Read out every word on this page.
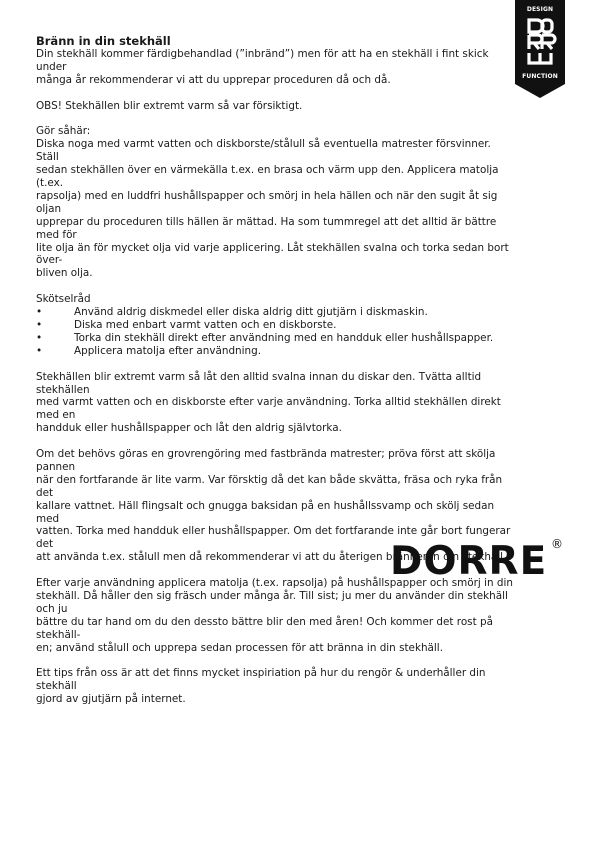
DESIGN
FUNCTION

Bränn in din stekhäll

Din stekhäll kommer färdigbehandlad (”inbränd”) men för att ha en stekhäll i fint skick under

många år rekommenderar vi att du upprepar proceduren då och då.

OBS! Stekhällen blir extremt varm så var försiktigt.

Gör såhär:

Diska noga med varmt vatten och diskborste/stålull så eventuella matrester försvinner. Ställ

sedan stekhällen över en värmekälla t.ex. en brasa och värm upp den. Applicera matolja (t.ex.

rapsolja) med en luddfri hushållspapper och smörj in hela hällen och när den sugit åt sig oljan

upprepar du proceduren tills hällen är mättad. Ha som tummregel att det alltid är bättre med för

lite olja än för mycket olja vid varje applicering. Låt stekhällen svalna och torka sedan bort över-

bliven olja.

Skötselråd

•	Använd aldrig diskmedel eller diska aldrig ditt gjutjärn i diskmaskin.
•	Diska med enbart varmt vatten och en diskborste.
•	Torka din stekhäll direkt efter användning med en handduk eller hushållspapper.
•	Applicera matolja efter användning.

Stekhällen blir extremt varm så låt den alltid svalna innan du diskar den. Tvätta alltid stekhällen

med varmt vatten och en diskborste efter varje användning. Torka alltid stekhällen direkt med en

handduk eller hushållspapper och låt den aldrig självtorka.

Om det behövs göras en grovrengöring med fastbrända matrester; pröva först att skölja pannen

när den fortfarande är lite varm. Var försktig då det kan både skvätta, fräsa och ryka från det

kallare vattnet. Häll flingsalt och gnugga baksidan på en hushållssvamp och skölj sedan med

vatten. Torka med handduk eller hushållspapper. Om det fortfarande inte går bort fungerar det

att använda t.ex. stålull men då rekommenderar vi att du återigen bränner in din stekhäll.

Efter varje användning applicera matolja (t.ex. rapsolja) på hushållspapper och smörj in din

stekhäll. Då håller den sig fräsch under många år. Till sist; ju mer du använder din stekhäll och ju

bättre du tar hand om du den dessto bättre blir den med åren! Och kommer det rost på stekhäll-

en; använd stålull och upprepa sedan processen för att bränna in din stekhäll.

Ett tips från oss är att det finns mycket inspiriation på hur du rengör & underhåller din stekhäll

gjord av gjutjärn på internet.

DORRE ®
